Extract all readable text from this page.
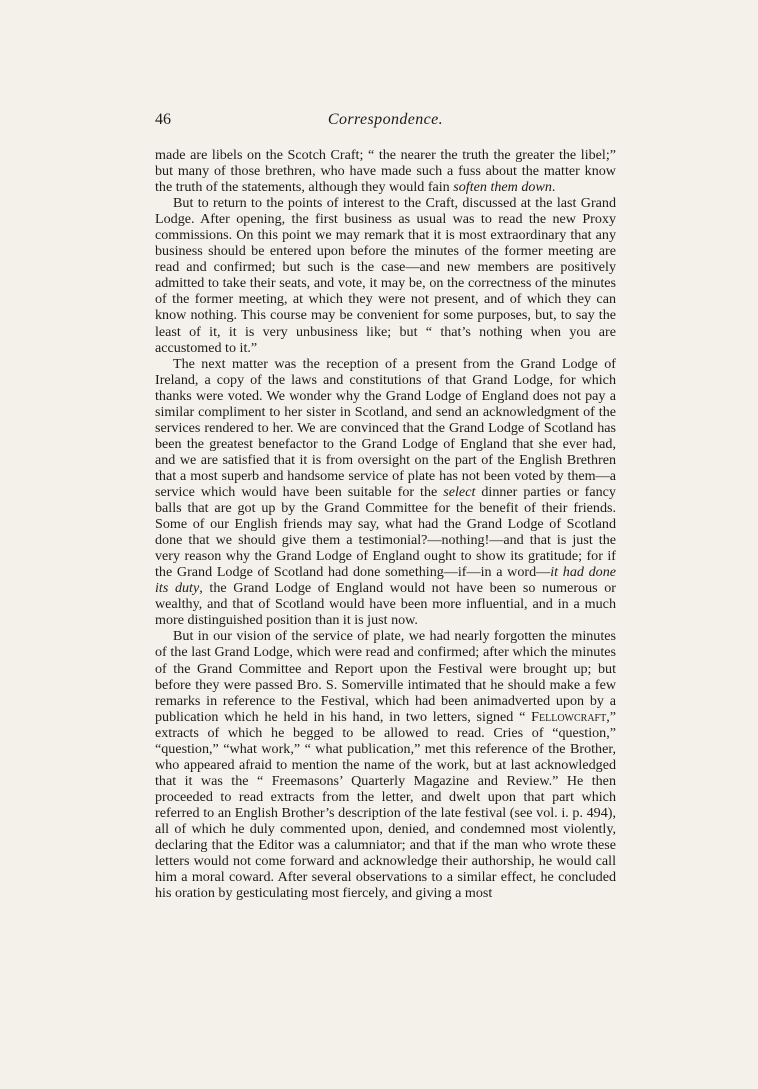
46	Correspondence.

made are libels on the Scotch Craft; “ the nearer the truth the greater the libel;” but many of those brethren, who have made such a fuss about the matter know the truth of the statements, although they would fain soften them down.

But to return to the points of interest to the Craft, discussed at the last Grand Lodge. After opening, the first business as usual was to read the new Proxy commissions. On this point we may remark that it is most extraordinary that any business should be entered upon before the minutes of the former meeting are read and confirmed; but such is the case—and new members are positively admitted to take their seats, and vote, it may be, on the correctness of the minutes of the former meeting, at which they were not present, and of which they can know nothing. This course may be convenient for some purposes, but, to say the least of it, it is very unbusiness like; but “ that’s nothing when you are accustomed to it.”

The next matter was the reception of a present from the Grand Lodge of Ireland, a copy of the laws and constitutions of that Grand Lodge, for which thanks were voted. We wonder why the Grand Lodge of England does not pay a similar compliment to her sister in Scotland, and send an acknowledgment of the services rendered to her. We are convinced that the Grand Lodge of Scotland has been the greatest benefactor to the Grand Lodge of England that she ever had, and we are satisfied that it is from oversight on the part of the English Brethren that a most superb and handsome service of plate has not been voted by them—a service which would have been suitable for the select dinner parties or fancy balls that are got up by the Grand Committee for the benefit of their friends. Some of our English friends may say, what had the Grand Lodge of Scotland done that we should give them a testimonial?—nothing!—and that is just the very reason why the Grand Lodge of England ought to show its gratitude; for if the Grand Lodge of Scotland had done something—if—in a word—it had done its duty, the Grand Lodge of England would not have been so numerous or wealthy, and that of Scotland would have been more influential, and in a much more distinguished position than it is just now.

But in our vision of the service of plate, we had nearly forgotten the minutes of the last Grand Lodge, which were read and confirmed; after which the minutes of the Grand Committee and Report upon the Festival were brought up; but before they were passed Bro. S. Somerville intimated that he should make a few remarks in reference to the Festival, which had been animadverted upon by a publication which he held in his hand, in two letters, signed “ Fellowcraft,” extracts of which he begged to be allowed to read. Cries of “question,” “question,” “what work,” “ what publication,” met this reference of the Brother, who appeared afraid to mention the name of the work, but at last acknowledged that it was the “ Freemasons’ Quarterly Magazine and Review.” He then proceeded to read extracts from the letter, and dwelt upon that part which referred to an English Brother’s description of the late festival (see vol. i. p. 494), all of which he duly commented upon, denied, and condemned most violently, declaring that the Editor was a calumniator; and that if the man who wrote these letters would not come forward and acknowledge their authorship, he would call him a moral coward. After several observations to a similar effect, he concluded his oration by gesticulating most fiercely, and giving a most
